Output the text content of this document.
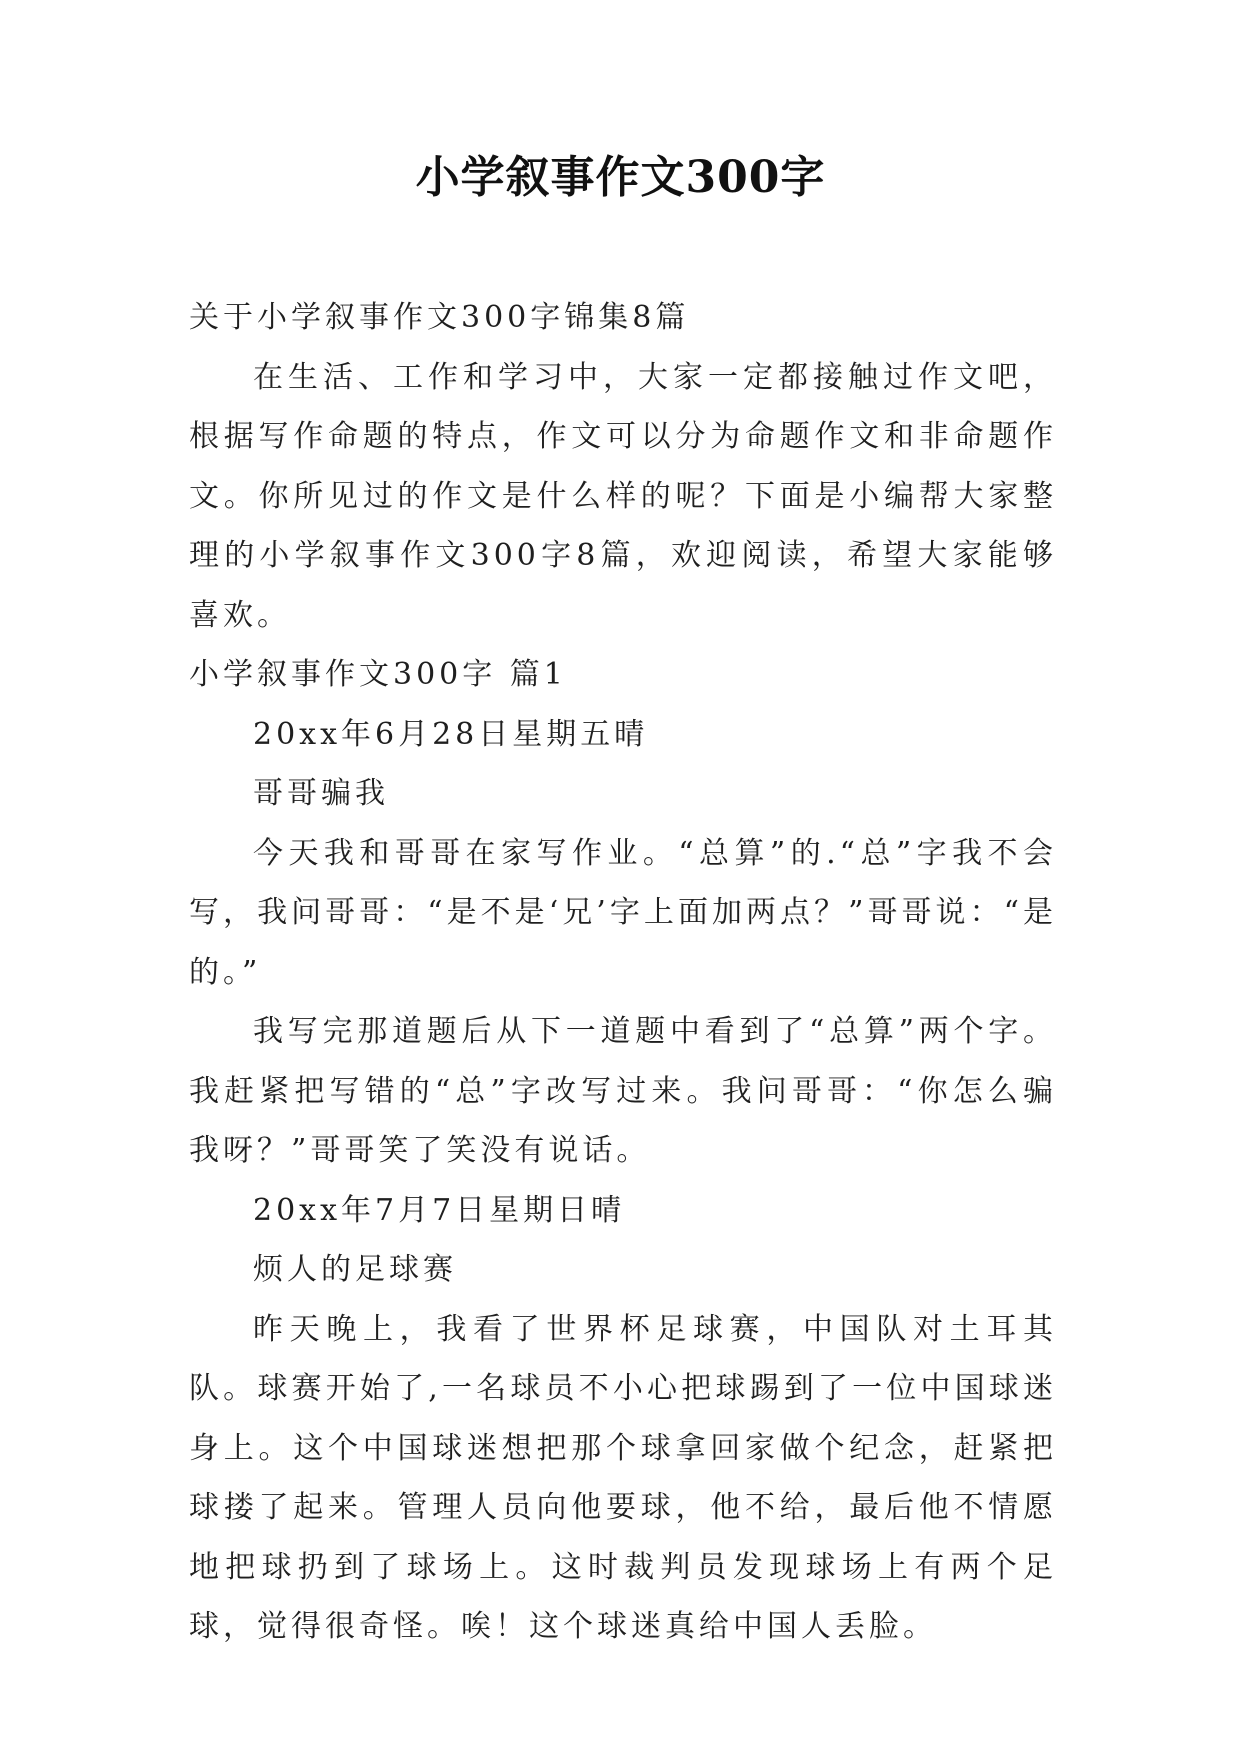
小学叙事作文300字

关于小学叙事作文300字锦集8篇

在生活、工作和学习中，大家一定都接触过作文吧，根据写作命题的特点，作文可以分为命题作文和非命题作文。你所见过的作文是什么样的呢？下面是小编帮大家整理的小学叙事作文300字8篇，欢迎阅读，希望大家能够喜欢。

小学叙事作文300字 篇1

20xx年6月28日星期五晴

哥哥骗我

今天我和哥哥在家写作业。“总算”的.“总”字我不会写，我问哥哥：“是不是‘兄’字上面加两点？”哥哥说：“是的。”

我写完那道题后从下一道题中看到了“总算”两个字。我赶紧把写错的“总”字改写过来。我问哥哥：“你怎么骗我呀？”哥哥笑了笑没有说话。

20xx年7月7日星期日晴

烦人的足球赛

昨天晚上，我看了世界杯足球赛，中国队对土耳其队。球赛开始了,一名球员不小心把球踢到了一位中国球迷身上。这个中国球迷想把那个球拿回家做个纪念，赶紧把球搂了起来。管理人员向他要球，他不给，最后他不情愿地把球扔到了球场上。这时裁判员发现球场上有两个足球，觉得很奇怪。唉！这个球迷真给中国人丢脸。
